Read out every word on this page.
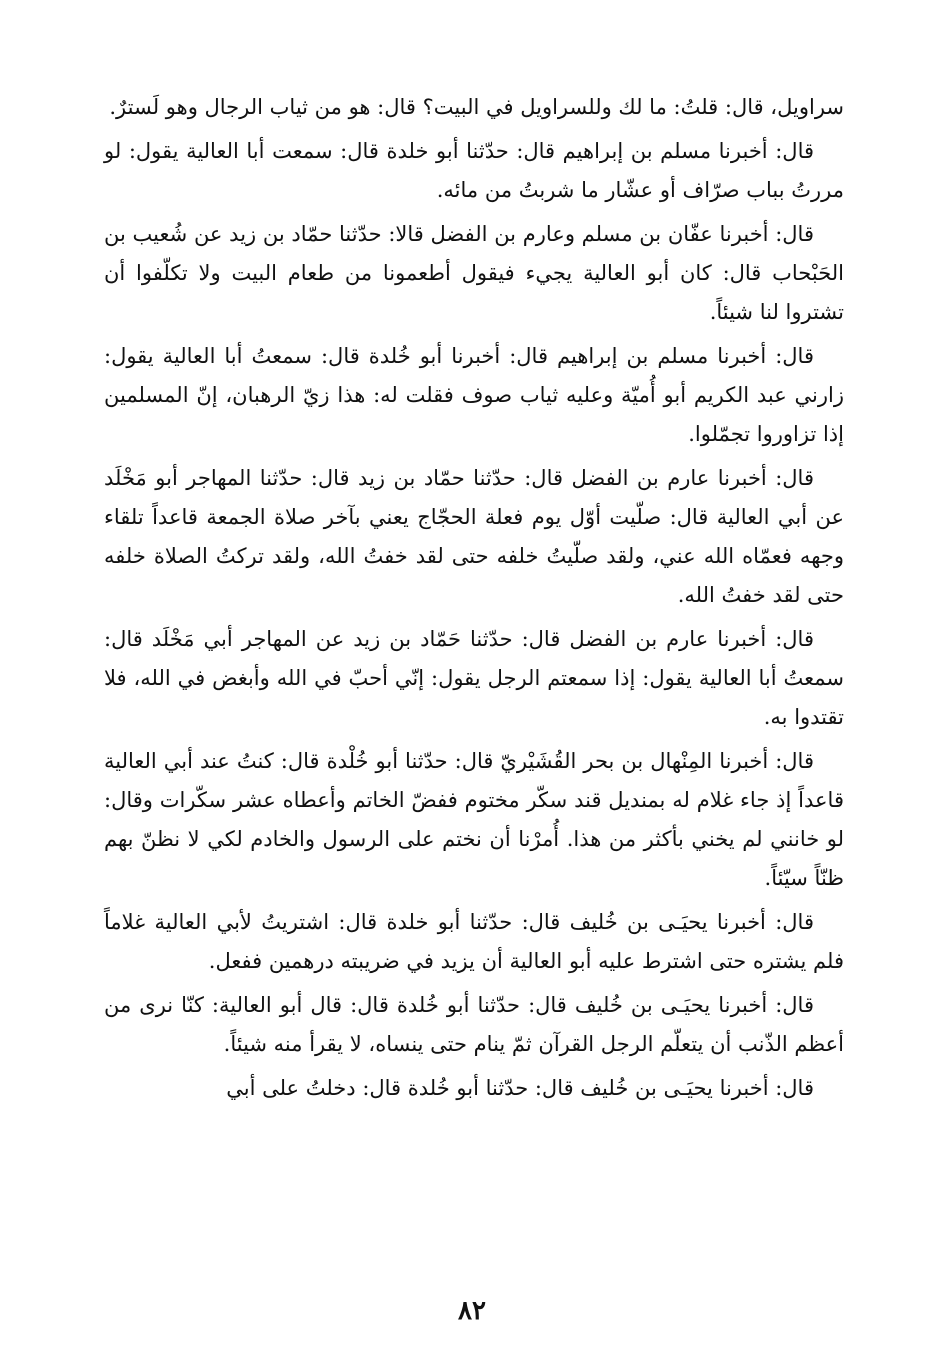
سراويل، قال: قلتُ: ما لك وللسراويل في البيت؟ قال: هو من ثياب الرجال وهو لَسترٌ.

قال: أخبرنا مسلم بن إبراهيم قال: حدّثنا أبو خلدة قال: سمعت أبا العالية يقول: لو مررتُ بباب صرّاف أو عشّار ما شربتُ من مائه.

قال: أخبرنا عفّان بن مسلم وعارم بن الفضل قالا: حدّثنا حمّاد بن زيد عن شُعيب بن الحَبْحاب قال: كان أبو العالية يجيء فيقول أطعمونا من طعام البيت ولا تكلّفوا أن تشتروا لنا شيئاً.

قال: أخبرنا مسلم بن إبراهيم قال: أخبرنا أبو خُلدة قال: سمعتُ أبا العالية يقول: زارني عبد الكريم أبو أُميّة وعليه ثياب صوف فقلت له: هذا زيّ الرهبان، إنّ المسلمين إذا تزاوروا تجمّلوا.

قال: أخبرنا عارم بن الفضل قال: حدّثنا حمّاد بن زيد قال: حدّثنا المهاجر أبو مَخْلَد عن أبي العالية قال: صلّيت أوّل يوم فعلة الحجّاج يعني بآخر صلاة الجمعة قاعداً تلقاء وجهه فعمّاه الله عني، ولقد صلّيتُ خلفه حتى لقد خفتُ الله، ولقد تركتُ الصلاة خلفه حتى لقد خفتُ الله.

قال: أخبرنا عارم بن الفضل قال: حدّثنا حَمّاد بن زيد عن المهاجر أبي مَخْلَد قال: سمعتُ أبا العالية يقول: إذا سمعتم الرجل يقول: إنّي أحبّ في الله وأبغض في الله، فلا تقتدوا به.

قال: أخبرنا المِنْهال بن بحر القُشَيْريّ قال: حدّثنا أبو خُلْدة قال: كنتُ عند أبي العالية قاعداً إذ جاء غلام له بمنديل قند سكّر مختوم ففضّ الخاتم وأعطاه عشر سكّرات وقال: لو خانني لم يخني بأكثر من هذا. أُمرْنا أن نختم على الرسول والخادم لكي لا نظنّ بهم ظنّاً سيّئاً.

قال: أخبرنا يحيَـى بن خُليف قال: حدّثنا أبو خلدة قال: اشتريتُ لأبي العالية غلاماً فلم يشتره حتى اشترط عليه أبو العالية أن يزيد في ضريبته درهمين ففعل.

قال: أخبرنا يحيَـى بن خُليف قال: حدّثنا أبو خُلدة قال: قال أبو العالية: كنّا نرى من أعظم الذّنب أن يتعلّم الرجل القرآن ثمّ ينام حتى ينساه، لا يقرأ منه شيئاً.

قال: أخبرنا يحيَـى بن خُليف قال: حدّثنا أبو خُلدة قال: دخلتُ على أبي

٨٢
